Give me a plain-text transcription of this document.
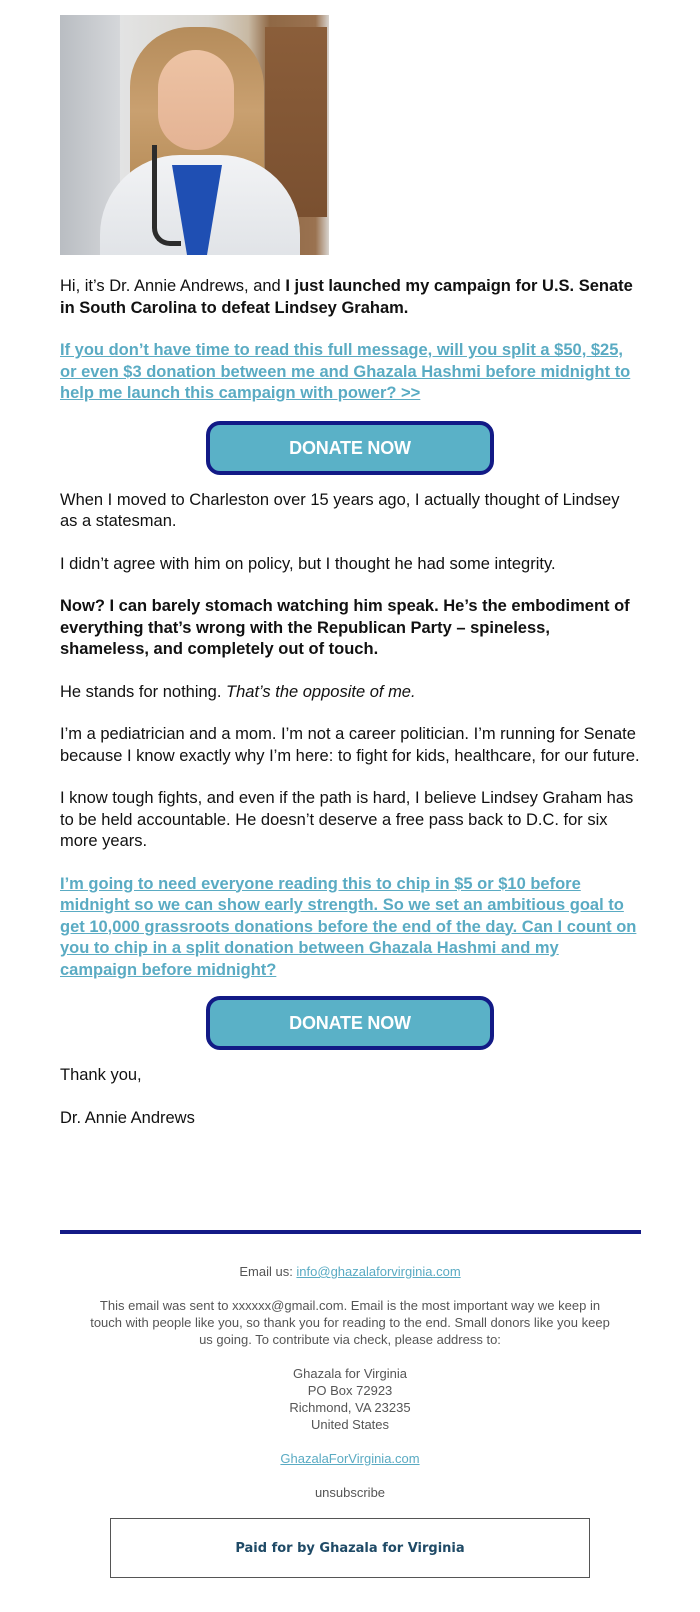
Hi, it’s Dr. Annie Andrews, and I just launched my campaign for U.S. Senate in South Carolina to defeat Lindsey Graham.

If you don’t have time to read this full message, will you split a $50, $25, or even $3 donation between me and Ghazala Hashmi before midnight to help me launch this campaign with power? >>

DONATE NOW

When I moved to Charleston over 15 years ago, I actually thought of Lindsey as a statesman.

I didn’t agree with him on policy, but I thought he had some integrity.

Now? I can barely stomach watching him speak. He’s the embodiment of everything that’s wrong with the Republican Party – spineless, shameless, and completely out of touch.

He stands for nothing. That’s the opposite of me.

I’m a pediatrician and a mom. I’m not a career politician. I’m running for Senate because I know exactly why I’m here: to fight for kids, healthcare, for our future.

I know tough fights, and even if the path is hard, I believe Lindsey Graham has to be held accountable. He doesn’t deserve a free pass back to D.C. for six more years.

I’m going to need everyone reading this to chip in $5 or $10 before midnight so we can show early strength. So we set an ambitious goal to get 10,000 grassroots donations before the end of the day. Can I count on you to chip in a split donation between Ghazala Hashmi and my campaign before midnight?

DONATE NOW

Thank you,

Dr. Annie Andrews

Email us: info@ghazalaforvirginia.com
This email was sent to xxxxxx@gmail.com. Email is the most important way we keep in touch with people like you, so thank you for reading to the end. Small donors like you keep us going. To contribute via check, please address to:
Ghazala for Virginia
PO Box 72923
Richmond, VA 23235
United States
GhazalaForVirginia.com
unsubscribe
Paid for by Ghazala for Virginia
